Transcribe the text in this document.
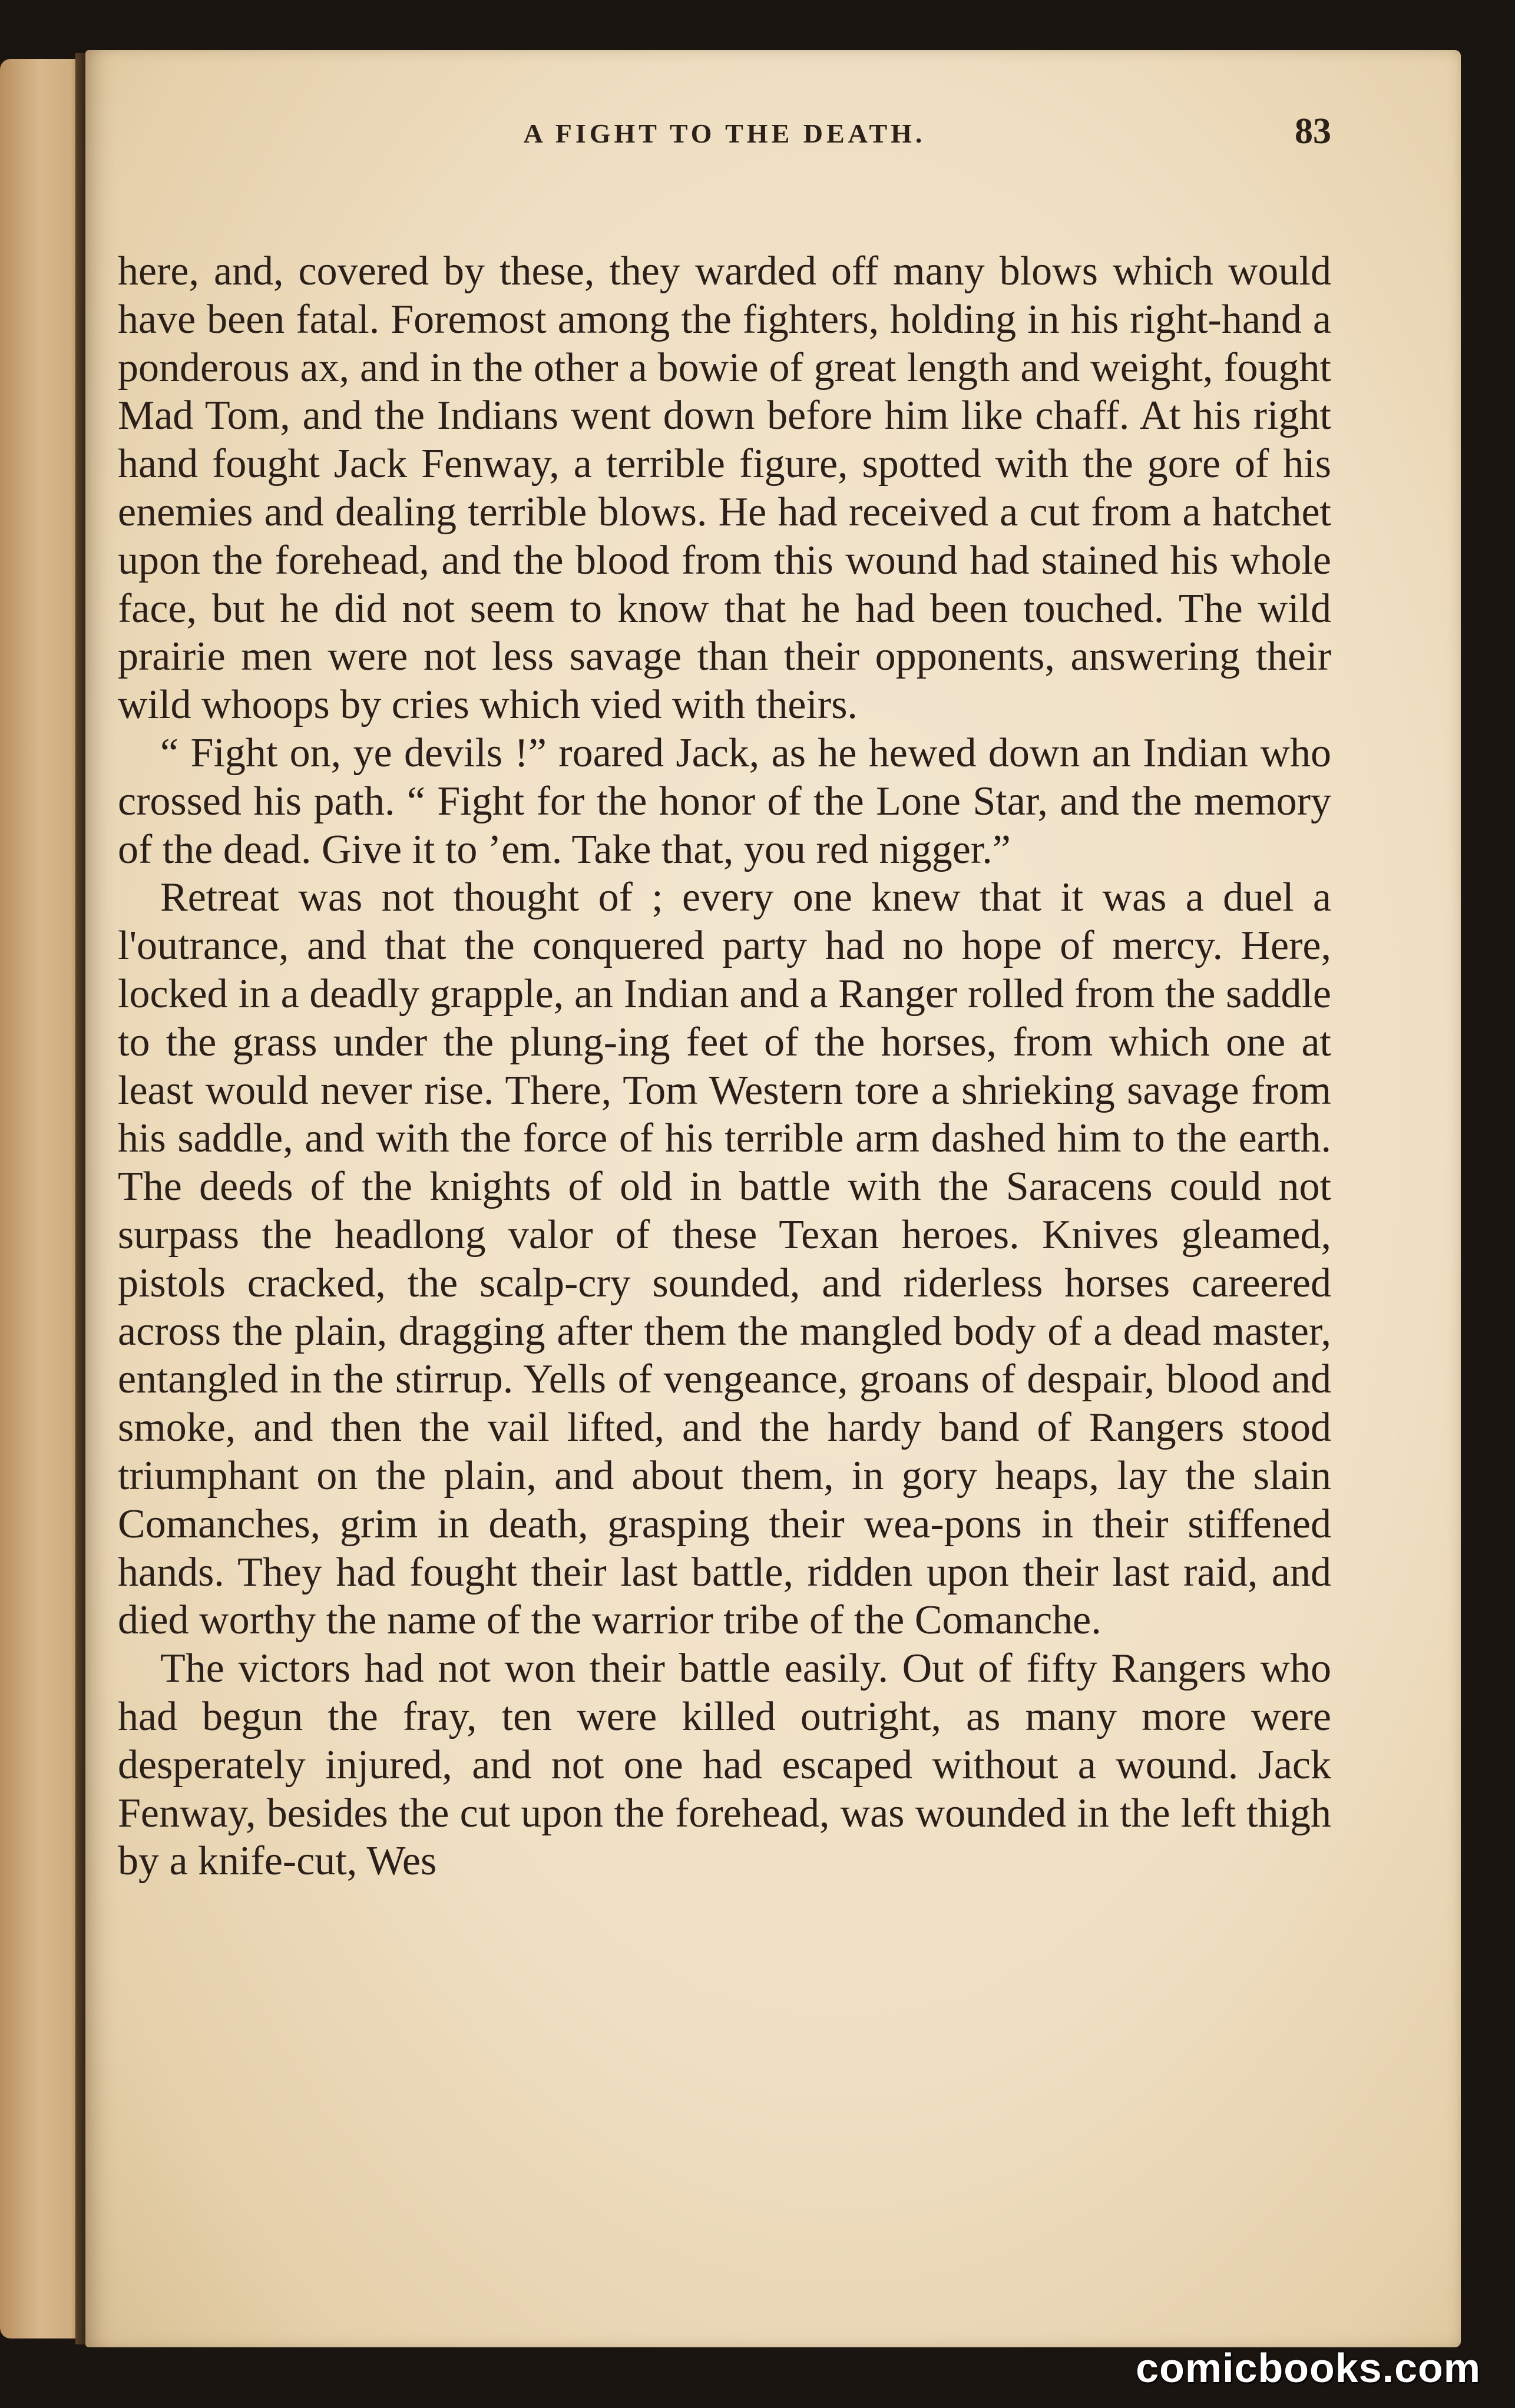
A FIGHT TO THE DEATH.	83

here, and, covered by these, they warded off many blows which would have been fatal. Foremost among the fighters, holding in his right-hand a ponderous ax, and in the other a bowie of great length and weight, fought Mad Tom, and the Indians went down before him like chaff. At his right hand fought Jack Fenway, a terrible figure, spotted with the gore of his enemies and dealing terrible blows. He had received a cut from a hatchet upon the forehead, and the blood from this wound had stained his whole face, but he did not seem to know that he had been touched. The wild prairie men were not less savage than their opponents, answering their wild whoops by cries which vied with theirs.

“ Fight on, ye devils !” roared Jack, as he hewed down an Indian who crossed his path. “ Fight for the honor of the Lone Star, and the memory of the dead. Give it to ’em. Take that, you red nigger.”

Retreat was not thought of ; every one knew that it was a duel a l'outrance, and that the conquered party had no hope of mercy. Here, locked in a deadly grapple, an Indian and a Ranger rolled from the saddle to the grass under the plung-ing feet of the horses, from which one at least would never rise. There, Tom Western tore a shrieking savage from his saddle, and with the force of his terrible arm dashed him to the earth. The deeds of the knights of old in battle with the Saracens could not surpass the headlong valor of these Texan heroes. Knives gleamed, pistols cracked, the scalp-cry sounded, and riderless horses careered across the plain, dragging after them the mangled body of a dead master, entangled in the stirrup. Yells of vengeance, groans of despair, blood and smoke, and then the vail lifted, and the hardy band of Rangers stood triumphant on the plain, and about them, in gory heaps, lay the slain Comanches, grim in death, grasping their wea-pons in their stiffened hands. They had fought their last battle, ridden upon their last raid, and died worthy the name of the warrior tribe of the Comanche.

The victors had not won their battle easily. Out of fifty Rangers who had begun the fray, ten were killed outright, as many more were desperately injured, and not one had escaped without a wound. Jack Fenway, besides the cut upon the forehead, was wounded in the left thigh by a knife-cut, Wes

comicbooks.com
